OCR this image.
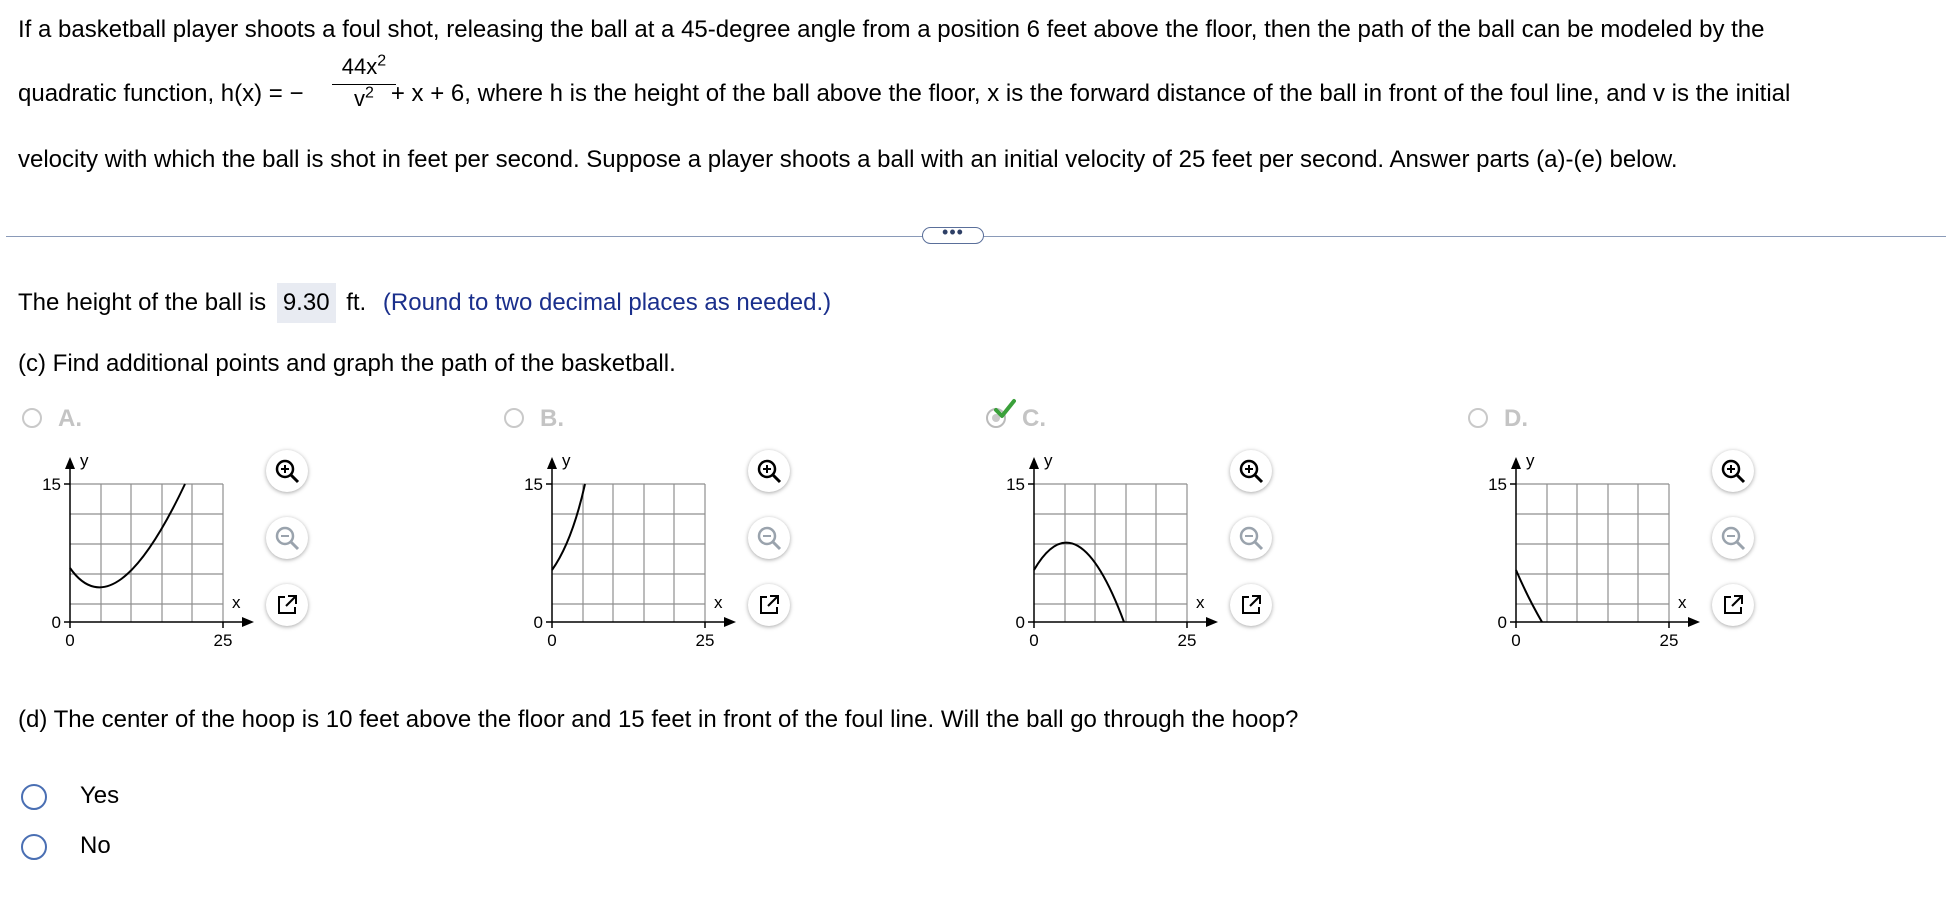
If a basketball player shoots a foul shot, releasing the ball at a 45-degree angle from a position 6 feet above the floor, then the path of the ball can be modeled by the
quadratic function, h(x) = −	+ x + 6, where h is the height of the ball above the floor, x is the forward distance of the ball in front of the foul line, and v is the initial
$44x^2$
$v^2$
velocity with which the ball is shot in feet per second. Suppose a player shoots a ball with an initial velocity of 25 feet per second. Answer parts (a)-(e) below.
•••
The height of the ball is 9.30 ft. (Round to two decimal places as needed.)
(c) Find additional points and graph the path of the basketball.
A.
y
x
15
0
0	25
B.
y
x
15
0
0	25
C.
y
x
15
0
0	25
D.
y
x
15
0
0	25
(d) The center of the hoop is 10 feet above the floor and 15 feet in front of the foul line. Will the ball go through the hoop?
Yes
No
